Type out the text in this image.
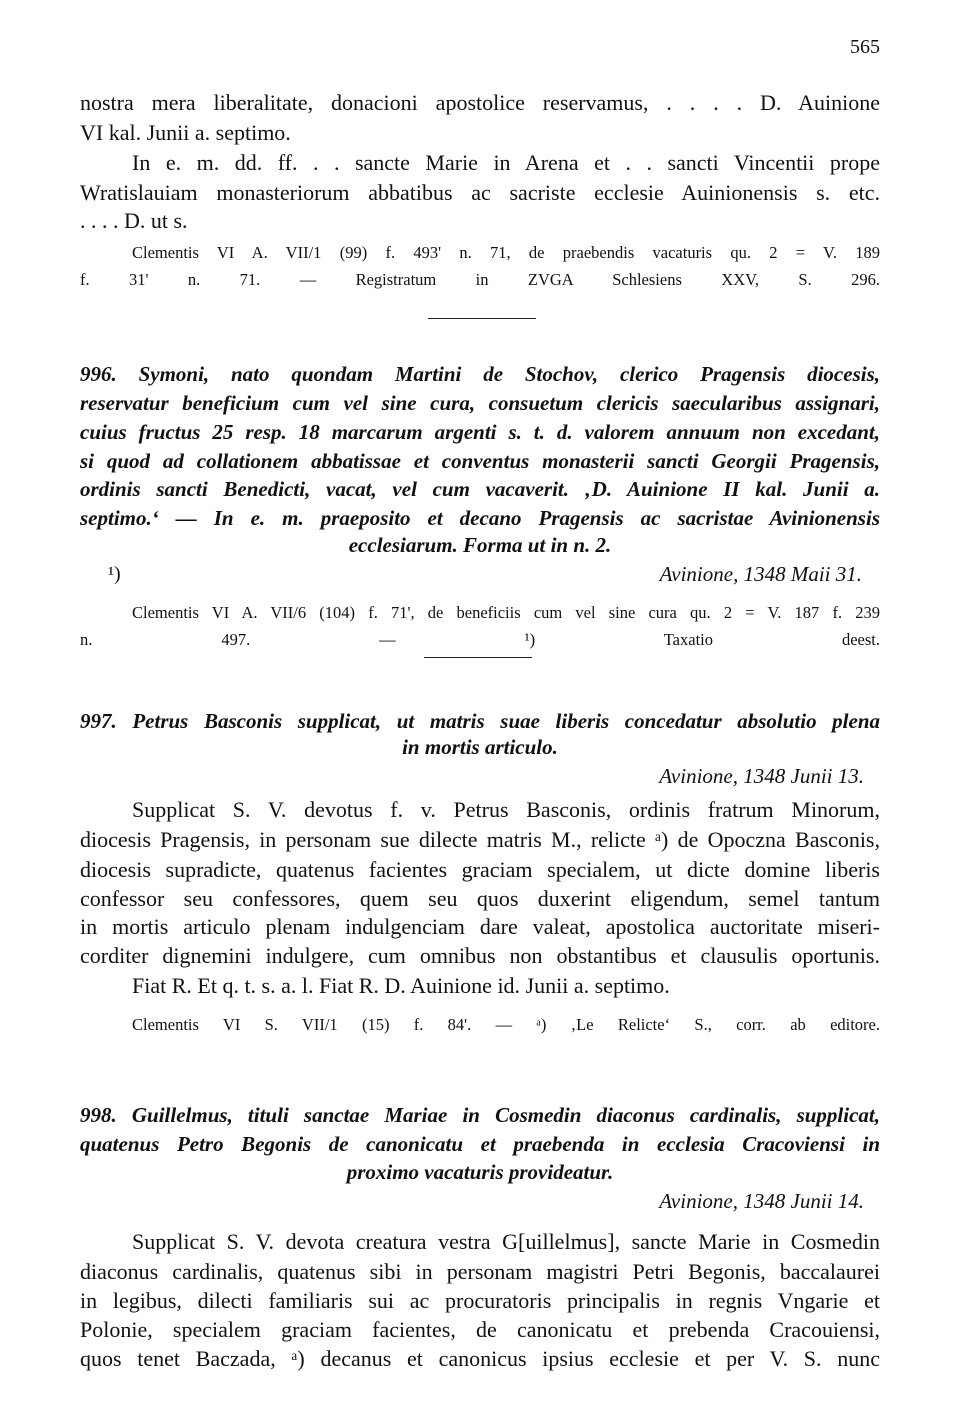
565
nostra mera liberalitate, donacioni apostolice reservamus, . . . . D. Auinione
VI kal. Junii a. septimo.
In e. m. dd. ff. . . sancte Marie in Arena et . . sancti Vincentii prope
Wratislauiam monasteriorum abbatibus ac sacriste ecclesie Auinionensis s. etc.
. . . . D. ut s.
Clementis VI A. VII/1 (99) f. 493' n. 71, de praebendis vacaturis qu. 2 = V. 189
f. 31' n. 71. — Registratum in ZVGA Schlesiens XXV, S. 296.
996. Symoni, nato quondam Martini de Stochov, clerico Pragensis diocesis,
reservatur beneficium cum vel sine cura, consuetum clericis saecularibus assignari,
cuius fructus 25 resp. 18 marcarum argenti s. t. d. valorem annuum non excedant,
si quod ad collationem abbatissae et conventus monasterii sancti Georgii Pragensis,
ordinis sancti Benedicti, vacat, vel cum vacaverit. ‚D. Auinione II kal. Junii a.
septimo.‘ — In e. m. praeposito et decano Pragensis ac sacristae Avinionensis
ecclesiarum. Forma ut in n. 2.
¹)	Avinione, 1348 Maii 31.
Clementis VI A. VII/6 (104) f. 71', de beneficiis cum vel sine cura qu. 2 = V. 187 f. 239
n. 497. — ¹) Taxatio deest.
997. Petrus Basconis supplicat, ut matris suae liberis concedatur absolutio plena
in mortis articulo.
Avinione, 1348 Junii 13.
Supplicat S. V. devotus f. v. Petrus Basconis, ordinis fratrum Minorum,
diocesis Pragensis, in personam sue dilecte matris M., relicte ᵃ) de Opoczna Basconis,
diocesis supradicte, quatenus facientes graciam specialem, ut dicte domine liberis
confessor seu confessores, quem seu quos duxerint eligendum, semel tantum
in mortis articulo plenam indulgenciam dare valeat, apostolica auctoritate miseri-
corditer dignemini indulgere, cum omnibus non obstantibus et clausulis oportunis.
Fiat R. Et q. t. s. a. l. Fiat R. D. Auinione id. Junii a. septimo.
Clementis VI S. VII/1 (15) f. 84'. — ᵃ) ‚Le Relicte‘ S., corr. ab editore.
998. Guillelmus, tituli sanctae Mariae in Cosmedin diaconus cardinalis, supplicat,
quatenus Petro Begonis de canonicatu et praebenda in ecclesia Cracoviensi in
proximo vacaturis provideatur.
Avinione, 1348 Junii 14.
Supplicat S. V. devota creatura vestra G[uillelmus], sancte Marie in Cosmedin
diaconus cardinalis, quatenus sibi in personam magistri Petri Begonis, baccalaurei
in legibus, dilecti familiaris sui ac procuratoris principalis in regnis Vngarie et
Polonie, specialem graciam facientes, de canonicatu et prebenda Cracouiensi,
quos tenet Baczada, ᵃ) decanus et canonicus ipsius ecclesie et per V. S. nunc
